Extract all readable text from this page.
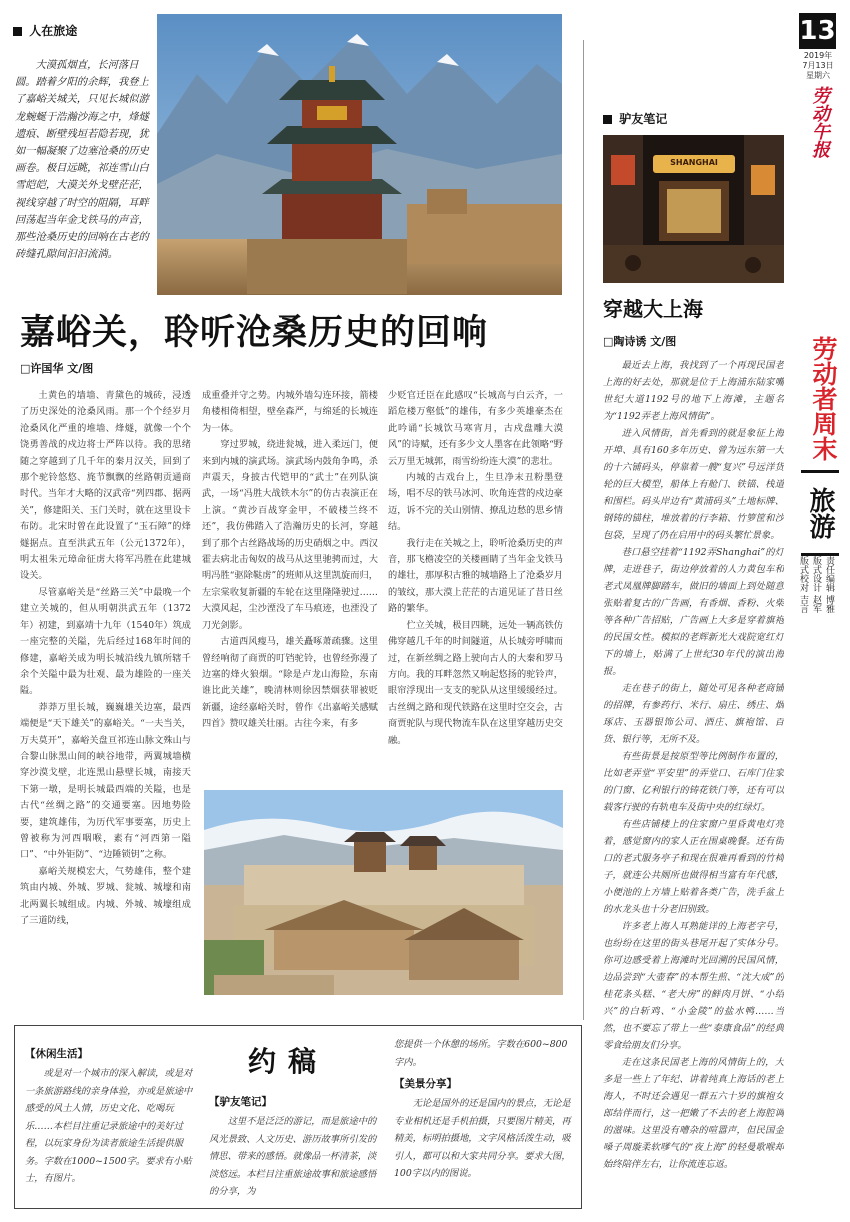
13
2019年
7月13日
星期六
劳动午报
劳动者周末
旅游
责任编辑 博雅
版式设计 赵军
版式校对 吉言
人在旅途

大漠孤烟直，长河落日圆。踏着夕阳的余辉，我登上了嘉峪关城关，只见长城似游龙蜿蜒于浩瀚沙海之中，烽燧遗痕、断壁残垣若隐若现，犹如一幅凝聚了边塞沧桑的历史画卷。极目远眺，祁连雪山白雪皑皑，大漠关外戈壁茫茫，视线穿越了时空的阻隔，耳畔回荡起当年金戈铁马的声音，那些沧桑历史的回响在古老的砖缝孔隙间汩汩流淌。

嘉峪关，聆听沧桑历史的回响
□许国华 文/图

土黄色的墙墙、青黛色的城砖，浸透了历史深处的沧桑风雨。那一个个经岁月沧桑风化严重的堆墙、烽燧，就像一个个饶勇善战的戍边将士严阵以待。我的思绪随之穿越到了几千年的秦月汉关，回到了那个驼铃悠悠、旄节飘飘的丝路朝贡通商时代。当年才大略的汉武帝“列四郡、据两关”，修建阳关、玉门关时，就在这里设卡布防。北宋时曾在此设置了“玉石障”的烽燧据点。直至洪武五年（公元1372年），明太祖朱元璋命征虏大将军冯胜在此建城设关。

尽管嘉峪关是“丝路三关”中最晚一个建立关城的，但从明朝洪武五年（1372年）初建，到嘉靖十九年（1540年）筑成一座完整的关隘，先后经过168年时间的修建，嘉峪关成为明长城沿线九镇所辖千余个关隘中最为壮观、最为雄险的一座关隘。

莽莽万里长城，巍巍雄关边塞，最西端便是“天下雄关”的嘉峪关。“一夫当关，万夫莫开”，嘉峪关盘亘祁连山脉文殊山与合黎山脉黑山间的峡谷地带，两翼城墙横穿沙漠戈壁，北连黑山悬壁长城，南接天下第一墩，是明长城最西端的关隘，也是古代“丝绸之路”的交通要塞。因地势险要，建筑雄伟，为历代军事要塞，历史上曾被称为河西咽喉，素有“河西第一隘口”、“中外钜防”、“边陲锁钥”之称。

嘉峪关规模宏大，气势雄伟，整个建筑由内城、外城、罗城、瓮城、城壕和南北两翼长城组成。内城、外城、城壕组成了三道防线，

成重叠并守之势。内城外墙勾连环接，箭楼角楼相倚相望，壁垒森严，与绵延的长城连为一体。

穿过罗城，绕进瓮城，进入柔远门，便来到内城的演武场。演武场内鼓角争鸣，杀声震天，身披古代铠甲的“武士”在列队演武，一场“冯胜大战铁木尔”的仿古表演正在上演。“黄沙百战穿金甲，不破楼兰终不还”，我仿佛踏入了浩瀚历史的长河，穿越到了那个古丝路战场的历史硝烟之中。西汉霍去病北击匈奴的战马从这里驰骋而过，大明冯胜“驱除鞑虏”的班师从这里凯旋而归，左宗棠收复新疆的车轮在这里隆隆驶过……大漠风起，尘沙湮没了车马痕迹，也湮没了刀光剑影。

古道西风瘦马，雄关矗啄萧疏骤。这里曾经响彻了商贾的叮铛驼铃，也曾经弥漫了边塞的烽火狼烟。“除是卢龙山海险，东南谁比此关雄”，晚清林则徐因禁烟获罪被贬新疆，途经嘉峪关时，曾作《出嘉峪关感赋四首》赞叹雄关壮丽。古往今来，有多

少贬官迁臣在此感叹“长城高与白云齐，一蹈危楼万壑低”的雄伟，有多少英雄豪杰在此吟诵“长城饮马寒宵月，古戍盘雕大漠风”的诗赋，还有多少文人墨客在此领略“野云万里无城郭，雨雪纷纷连大漠”的悲壮。

内城的古戏台上，生旦净末丑粉墨登场，唱不尽的铁马冰河、吹角连营的戍边豪迈，诉不完的关山别情、撩乱边愁的思乡情结。

我行走在关城之上，聆听沧桑历史的声音，那飞檐凌空的关楼画睛了当年金戈铁马的雄壮，那厚积古雅的城墙路上了沧桑岁月的皱纹，那大漠上茫茫的古道见证了昔日丝路的繁华。

伫立关城，极目四眺，远处一辆高铁仿佛穿越几千年的时间隧道，从长城旁呼啸而过，在新丝绸之路上驶向古人的大秦和罗马方向。我的耳畔忽然又响起悠扬的驼铃声，眼帘浮现出一支支的驼队从这里缓缓经过。古丝绸之路和现代铁路在这里时空交会，古商贾驼队与现代物流车队在这里穿越历史交融。

驴友笔记
SHANGHAI
穿越大上海
□陶诗诱 文/图

最近去上海，我找到了一个再现民国老上海的好去处，那就是位于上海浦东陆家嘴世纪大道1192号的地下上海滩，主题名为“1192弄老上海风情街”。

进入风情街，首先看到的就是象征上海开埠、具有160多年历史、曾为远东第一大的十六铺码头，停靠着一艘“复兴”号远洋货轮的巨大模型，船体上有舱门、铁锚、栈道和围栏。码头岸边有“黄浦码头”土地标牌、钢铸的锚柱，堆放着的行李箱、竹箩筐和沙包袋，呈现了仍在启用中的码头繁忙景象。

巷口悬空挂着“1192弄Shanghai”的灯牌，走进巷子，街边停放着的人力黄包车和老式凤凰牌脚踏车，做旧的墙面上到处随意张贴着复古的广告画，有香烟、香粉、火柴等各种广告招贴，广告画上大多是穿着旗袍的民国女性。模拟的老辉新光大戏院宽红灯下的墙上，贴满了上世纪30年代的演出海报。

走在巷子的街上，随处可见各种老商铺的招牌，有参药行、米行、扇庄、绣庄、烟琢店、玉器银饰公司、酒庄、旗袍馆、百货、银行等，无所不及。

有些街景是按原型等比例制作布置的，比如老弄堂“平安里”的弄堂口、石库门住家的门窗、亿利银行的铸花铁门等，还有可以载客行驶的有轨电车及街中央的红绿灯。

有些店铺楼上的住家窗户里昏黄电灯亮着，感觉窗内的家人正在围桌晚餐。还有街口的老式服务亭子和现在很难再看到的竹椅子，就连公共厕所也做得相当富有年代感，小便池的上方墙上贴着各类广告，洗手盆上的水龙头也十分老旧别致。

许多老上海人耳熟能详的上海老字号，也纷纷在这里的街头巷尾开起了实体分号。你可边感受着上海滩时光回溯的民国风情，边品尝到“大壶春”的本帮生煎、“沈大成”的桂花条头糕、“老大房”的鲜肉月饼、“小绍兴”的白斩鸡、“小金陵”的盐水鸭……当然，也不要忘了带上一些“泰康食品”的经典零食给朋友们分享。

走在这条民国老上海的风情街上的，大多是一些上了年纪、讲着纯真上海话的老上海人，不时还会遇见一群五六十岁的旗袍女郎结伴而行，这一把嫩了不去的老上海腔调的滋味。这里没有嘈杂的喧嚣声，但民国金嗓子周璇柔软嗲气的“夜上海”的轻曼歌喉却始终陪伴左右，让你流连忘返。

约稿
【休闲生活】

或是对一个城市的深入解读，或是对一条旅游路线的亲身体验，亦或是旅途中感受的风土人情，历史文化、吃喝玩乐……本栏目注重记录旅途中的美好过程，以玩家身份为读者旅途生活提供服务。字数在1000~1500字。要求有小贴士，有图片。

【驴友笔记】

这里不是泛泛的游记，而是旅途中的风光景致、人文历史、游历故事所引发的情思、带来的感悟。就像品一杯清茶，淡淡悠远。本栏目注重旅途故事和旅途感悟的分享，为

您提供一个休憩的场所。字数在600~800字内。

【美景分享】

无论是国外的还是国内的景点，无论是专业相机还是手机拍摄，只要图片精美，再精美，标明拍摄地，文字风格活泼生动，吸引人，都可以和大家共同分享。要求大图，100字以内的图说。
